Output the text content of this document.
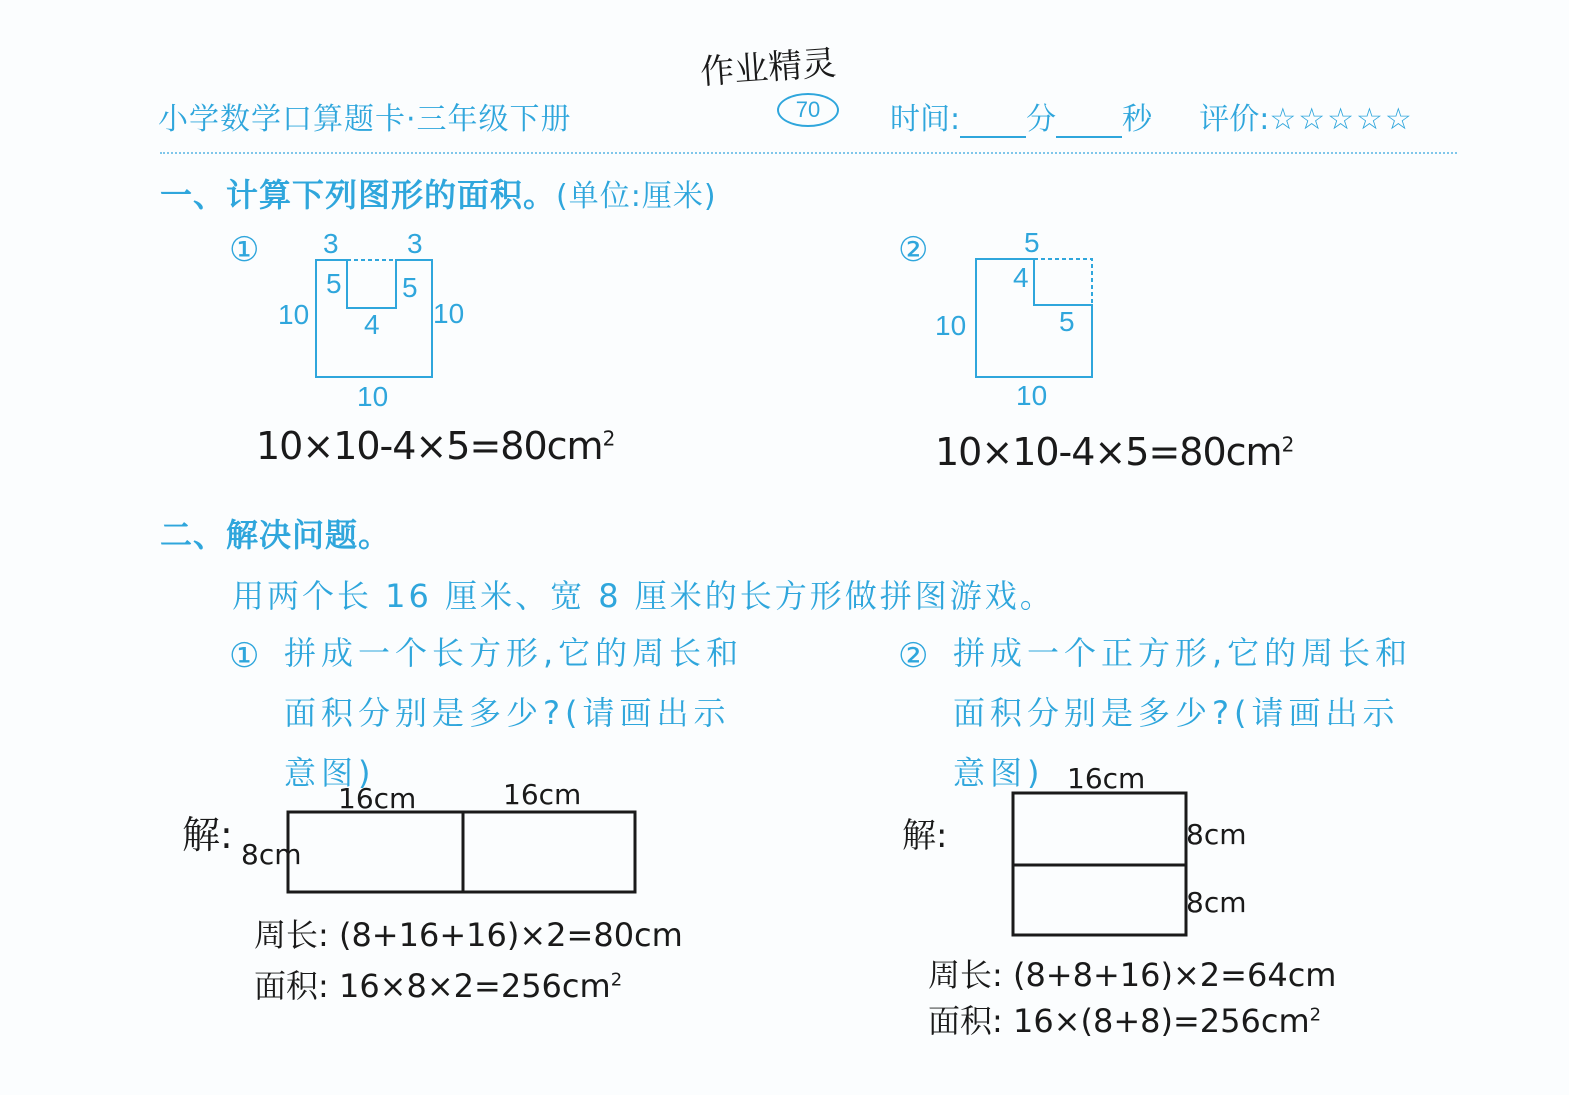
作业精灵
小学数学口算题卡·三年级下册	70	时间: 分 秒 评价:☆☆☆☆☆
一、计算下列图形的面积。(单位:厘米)
① 3 3
5 5
4
10	10
10
$10\times 10-4\times 5=80cm^2$
②	5
4
5
10
10
$10\times 10-4\times 5=80cm^2$
二、解决问题。
用两个长 16 厘米、宽 8 厘米的长方形做拼图游戏。
① 拼成一个长方形,它的周长和
面积分别是多少?(请画出示
意图)
解:
16cm	16cm
8cm
周长: (8+16+16)×2=80cm
面积: $16\times 8\times 2=256cm^2$
② 拼成一个正方形,它的周长和
面积分别是多少?(请画出示
意图)
解:
16cm
8cm
8cm
周长: (8+8+16)×2=64cm
面积: $16\times(8+8)=256cm^2$
